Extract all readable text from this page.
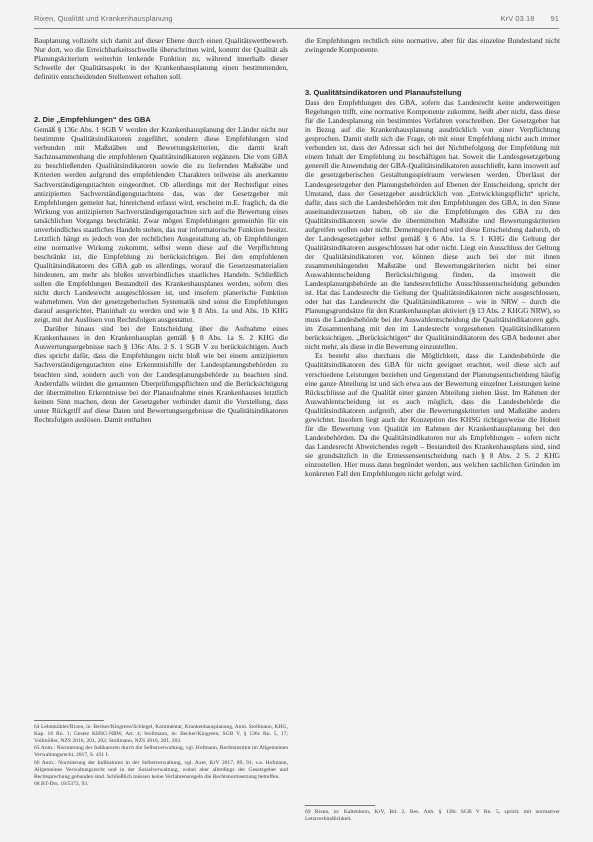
Rixen, Qualität und Krankenhausplanung	KrV 03.18 91

Bauplanung vollzieht sich damit auf dieser Ebene durch einen Qualitätswettbewerb. Nur dort, wo die Erreichbarkeitsschwelle überschritten wird, kommt der Qualität als Planungskriterium weiterhin lenkende Funktion zu, während innerhalb dieser Schwelle der Qualitätsaspekt in der Krankenhausplanung einen bestimmenden, definitiv entscheidenden Stellenwert erhalten soll.

2. Die „Empfehlungen“ des GBA

Gemäß § 136c Abs. 1 SGB V werden der Krankenhausplanung der Länder nicht nur bestimmte Qualitätsindikatoren zugeführt, sondern diese Empfehlungen sind verbunden mit Maßstäben und Bewertungskriterien, die damit kraft Sachzusammenhang die empfohlenen Qualitätsindikatoren ergänzen. Die vom GBA zu beschließenden Qualitätsindikatoren sowie die zu liefernden Maßstäbe und Kriterien werden aufgrund des empfehlenden Charakters teilweise als anerkannte Sachverständigengutachten eingeordnet. Ob allerdings mit der Rechtsfigur eines antizipierten Sachverständigengutachtens das, was der Gesetzgeber mit Empfehlungen gemeint hat, hinreichend erfasst wird, erscheint m.E. fraglich, da die Wirkung von antizipierten Sachverständigengutachten sich auf die Bewertung eines tatsächlichen Vorgangs beschränkt. Zwar mögen Empfehlungen gemeinhin für ein unverbindliches staatliches Handeln stehen, das nur informatorische Funktion besitzt. Letztlich hängt es jedoch von der rechtlichen Ausgestaltung ab, ob Empfehlungen eine normative Wirkung zukommt, selbst wenn diese auf die Verpflichtung beschränkt ist, die Empfehlung zu berücksichtigen. Bei den empfohlenen Qualitätsindikatoren des GBA gab es allerdings, worauf die Gesetzesmaterialien hindeuten, am mehr als bloßes unverbindliches staatliches Handeln. Schließlich sollen die Empfehlungen Bestandteil des Krankenhausplanes werden, sofern dies nicht durch Landesrecht ausgeschlossen ist, und insofern planerische Funktion wahrnehmen. Von der gesetzgeberischen Systematik sind sonst die Empfehlungen darauf ausgerichtet, Planinhalt zu werden und wie § 8 Abs. 1a und Abs. 1b KHG zeigt, mit der Auslösen von Rechtsfolgen ausgestattet.

Darüber hinaus sind bei der Entscheidung über die Aufnahme eines Krankenhauses in den Krankenhausplan gemäß § 8 Abs. 1a S. 2 KHG die Auswertungsergebnisse nach § 136c Abs. 2 S. 1 SGB V zu berücksichtigen. Auch dies spricht dafür, dass die Empfehlungen nicht bloß wie bei einem antizipierten Sachverständigengutachten eine Erkenntnishilfe der Landesplanungsbehörden zu beachten sind, sondern auch von der Landesplanungsbehörde zu beachten sind. Andernfalls würden die genannten Überprüfungspflichten und die Berücksichtigung der übermittelten Erkenntnisse bei der Planaufnahme eines Krankenhauses letztlich keinen Sinn machen, denn der Gesetzgeber verbindet damit die Vorstellung, dass unter Rückgriff auf diese Daten und Bewertungsergebnisse die Qualitätsindikatoren Rechtsfolgen auslösen. Damit enthalten

64 Lehmkühler/Rixen, in: Becker/Kingreen/Schlegel, Kommentar, Krankenhausplanung, Anm. Stollmann, KHG, Kap. 16 Rn. 1; Gesetz KHSG-NRW, Art. 4; Stollmann, in: Becker/Kingreen, SGB V, § 136c Rn. 5, 17; Vollmöller, NZS 2016, 201, 202; Stollmann, NZS 2016, 201, 203.

65 Anm.: Normierung der Indikatoren durch die Selbstverwaltung, vgl. Hofmann, Rechtsinstitut im Allgemeinen Verwaltungsrecht, 2017, S. 431 f.

66 Anm.: Normierung der Indikatoren in der Selbstverwaltung, vgl. Axer, KrV 2017, 89, 91; s.a. Hofmann, Allgemeines Verwaltungsrecht und in der Sozialverwaltung, wobei aber allerdings der Gesetzgeber und Rechtsprechung gebunden sind. Schließlich müssen keine Verfahrensregeln die Rechtsnormsetzung betreffen.

68 BT-Drs. 18/5372, 93.

die Empfehlungen rechtlich eine normative, aber für das einzelne Bundesland nicht zwingende Komponente.

3. Qualitätsindikatoren und Planaufstellung

Dass den Empfehlungen des GBA, sofern das Landesrecht keine anderweitigen Regelungen trifft, eine normative Komponente zukommt, heißt aber nicht, dass diese für die Landesplanung ein bestimmtes Verfahren vorschreiben. Der Gesetzgeber hat in Bezug auf die Krankenhausplanung ausdrücklich von einer Verpflichtung gesprochen. Damit stellt sich die Frage, ob mit einer Empfehlung nicht auch immer verbunden ist, dass der Adressat sich bei der Nichtbefolgung der Empfehlung mit einem Inhalt der Empfehlung zu beschäftigen hat. Soweit die Landesgesetzgebung generell die Anwendung der GBA-Qualitätsindikatoren ausschließt, kann insoweit auf die gesetzgeberischen Gestaltungsspielraum verwiesen werden. Überlässt der Landesgesetzgeber den Planungsbehörden auf Ebenen der Entscheidung, spricht der Umstand, dass der Gesetzgeber ausdrücklich von „Entwicklungspflicht“ spricht, dafür, dass sich die Landesbehörden mit den Empfehlungen des GBA, in den Sinne auseinanderzusetzen haben, ob sie die Empfehlungen des GBA zu den Qualitätsindikatoren sowie die übermittelten Maßstäbe und Bewertungskriterien aufgreifen wollen oder nicht. Dementsprechend wird diese Entscheidung dadurch, ob der Landesgesetzgeber selbst gemäß § 6 Abs. 1a S. 1 KHG die Geltung der Qualitätsindikatoren ausgeschlossen hat oder nicht. Liegt ein Ausschluss der Geltung der Qualitätsindikatoren vor, können diese auch bei der mit ihnen zusammenhängenden Maßstäbe und Bewertungskriterien nicht bei einer Auswahlentscheidung Berücksichtigung finden, da insoweit die Landesplanungsbehörde an die landesrechtliche Ausschlussentscheidung gebunden ist. Hat das Landesrecht die Geltung der Qualitätsindikatoren nicht ausgeschlossen, oder hat das Landesrecht die Qualitätsindikatoren – wie in NRW – durch die Planungsgrundsätze für den Krankenhausplan aktiviert (§ 13 Abs. 2 KHGG NRW), so muss die Landesbehörde bei der Auswahlentscheidung die Qualitätsindikatoren ggfs. im Zusammenhang mit den im Landesrecht vorgesehenen Qualitätsindikatoren berücksichtigen. „Berücksichtigen“ der Qualitätsindikatoren des GBA bedeutet aber nicht mehr, als diese in die Bewertung einzustellen.

Es besteht also durchaus die Möglichkeit, dass die Landesbehörde die Qualitätsindikatoren des GBA für nicht geeignet erachtet, weil diese sich auf verschiedene Leistungen beziehen und Gegenstand der Planungsentscheidung häufig eine ganze Abteilung ist und sich etwa aus der Bewertung einzelner Leistungen keine Rückschlüsse auf die Qualität einer ganzen Abteilung ziehen lässt. Im Rahmen der Auswahlentscheidung ist es auch möglich, dass die Landesbehörde die Qualitätsindikatoren aufgreift, aber die Bewertungskriterien und Maßstäbe anders gewichtet. Insofern liegt auch der Konzeption des KHSG richtigerweise die Hoheit für die Bewertung von Qualität im Rahmen der Krankenhausplanung bei den Landesbehörden. Da die Qualitätsindikatoren nur als Empfehlungen – sofern nicht das Landesrecht Abweichendes regelt – Bestandteil des Krankenhausplans sind, sind sie grundsätzlich in die Ermessensentscheidung nach § 8 Abs. 2 S. 2 KHG einzustellen. Hier muss dann begründet werden, aus welchen sachlichen Gründen im konkreten Fall den Empfehlungen nicht gefolgt wird.

69 Rixen, in: Kaltenborn, KrV, Bd. 2, Bes. Anh. § 136c SGB V Rn. 5, sprich: mit normativer Letztverbindlichkeit.
